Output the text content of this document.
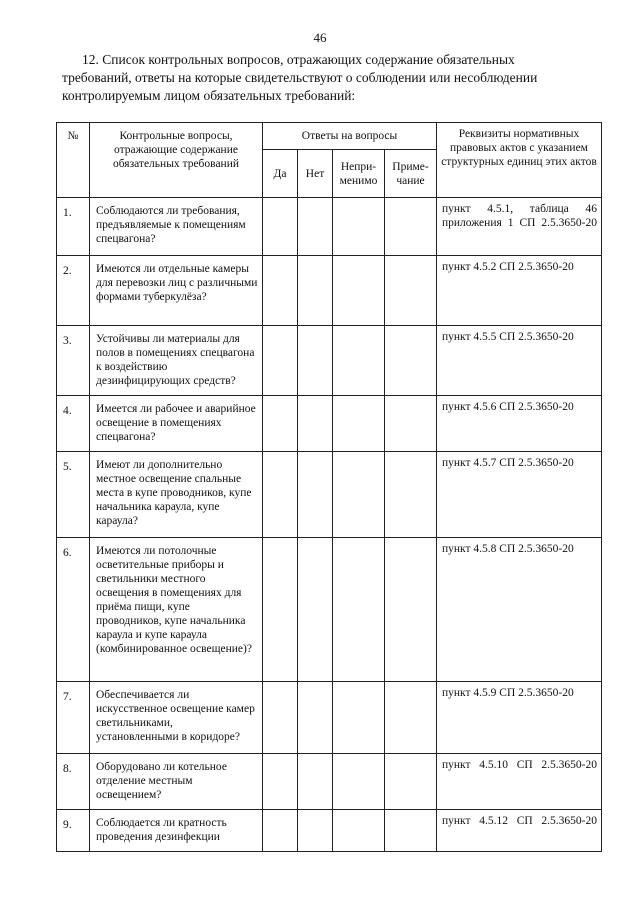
46
12. Список контрольных вопросов, отражающих содержание обязательных
требований, ответы на которые свидетельствуют о соблюдении или несоблюдении
контролируемым лицом обязательных требований:
№	Контрольные вопросы, отражающие содержание обязательных требований	Ответы на вопросы				Реквизиты нормативных правовых актов с указанием структурных единиц этих актов
		Да	Нет	Непри-менимо	Приме-чание	
1.	Соблюдаются ли требования, предъявляемые к помещениям спецвагона?					пункт 4.5.1, таблица 46 приложения 1 СП 2.5.3650-20
2.	Имеются ли отдельные камеры для перевозки лиц с различными формами туберкулёза?					пункт 4.5.2 СП 2.5.3650-20
3.	Устойчивы ли материалы для полов в помещениях спецвагона к воздействию дезинфицирующих средств?					пункт 4.5.5 СП 2.5.3650-20
4.	Имеется ли рабочее и аварийное освещение в помещениях спецвагона?					пункт 4.5.6 СП 2.5.3650-20
5.	Имеют ли дополнительно местное освещение спальные места в купе проводников, купе начальника караула, купе караула?					пункт 4.5.7 СП 2.5.3650-20
6.	Имеются ли потолочные осветительные приборы и светильники местного освещения в помещениях для приёма пищи, купе проводников, купе начальника караула и купе караула (комбинированное освещение)?					пункт 4.5.8 СП 2.5.3650-20
7.	Обеспечивается ли искусственное освещение камер светильниками, установленными в коридоре?					пункт 4.5.9 СП 2.5.3650-20
8.	Оборудовано ли котельное отделение местным освещением?					пункт 4.5.10 СП 2.5.3650-20
9.	Соблюдается ли кратность проведения дезинфекции					пункт 4.5.12 СП 2.5.3650-20
